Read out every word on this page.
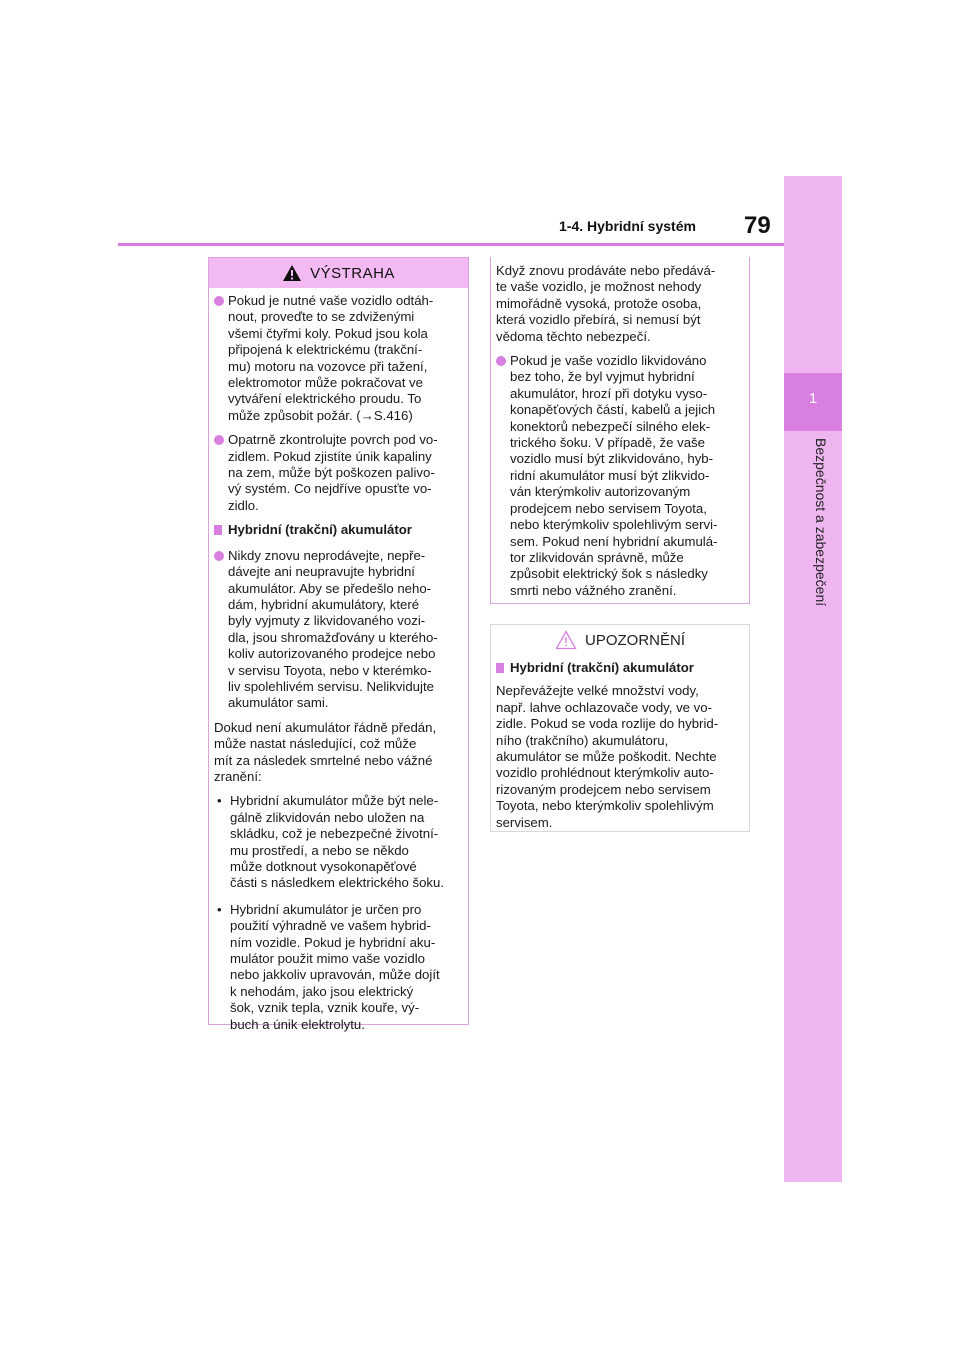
1-4. Hybridní systém 79
1
Bezpečnost a zabezpečení
VÝSTRAHA
Pokud je nutné vaše vozidlo odtáh-
nout, proveďte to se zdviženými
všemi čtyřmi koly. Pokud jsou kola
připojená k elektrickému (trakční-
mu) motoru na vozovce při tažení,
elektromotor může pokračovat ve
vytváření elektrického proudu. To
může způsobit požár. (→S.416)
Opatrně zkontrolujte povrch pod vo-
zidlem. Pokud zjistíte únik kapaliny
na zem, může být poškozen palivo-
vý systém. Co nejdříve opusťte vo-
zidlo.
Hybridní (trakční) akumulátor
Nikdy znovu neprodávejte, nepře-
dávejte ani neupravujte hybridní
akumulátor. Aby se předešlo neho-
dám, hybridní akumulátory, které
byly vyjmuty z likvidovaného vozi-
dla, jsou shromažďovány u kterého-
koliv autorizovaného prodejce nebo
v servisu Toyota, nebo v kterémko-
liv spolehlivém servisu. Nelikvidujte
akumulátor sami.
Dokud není akumulátor řádně předán,
může nastat následující, což může
mít za následek smrtelné nebo vážné
zranění:
• Hybridní akumulátor může být nele-
gálně zlikvidován nebo uložen na
skládku, což je nebezpečné životní-
mu prostředí, a nebo se někdo
může dotknout vysokonapěťové
části s následkem elektrického šoku.
• Hybridní akumulátor je určen pro
použití výhradně ve vašem hybrid-
ním vozidle. Pokud je hybridní aku-
mulátor použit mimo vaše vozidlo
nebo jakkoliv upravován, může dojít
k nehodám, jako jsou elektrický
šok, vznik tepla, vznik kouře, vý-
buch a únik elektrolytu.
Když znovu prodáváte nebo předává-
te vaše vozidlo, je možnost nehody
mimořádně vysoká, protože osoba,
která vozidlo přebírá, si nemusí být
vědoma těchto nebezpečí.
Pokud je vaše vozidlo likvidováno
bez toho, že byl vyjmut hybridní
akumulátor, hrozí při dotyku vyso-
konapěťových částí, kabelů a jejich
konektorů nebezpečí silného elek-
trického šoku. V případě, že vaše
vozidlo musí být zlikvidováno, hyb-
ridní akumulátor musí být zlikvido-
ván kterýmkoliv autorizovaným
prodejcem nebo servisem Toyota,
nebo kterýmkoliv spolehlivým servi-
sem. Pokud není hybridní akumulá-
tor zlikvidován správně, může
způsobit elektrický šok s následky
smrti nebo vážného zranění.
UPOZORNĚNÍ
Hybridní (trakční) akumulátor
Nepřevážejte velké množství vody,
např. lahve ochlazovače vody, ve vo-
zidle. Pokud se voda rozlije do hybrid-
ního (trakčního) akumulátoru,
akumulátor se může poškodit. Nechte
vozidlo prohlédnout kterýmkoliv auto-
rizovaným prodejcem nebo servisem
Toyota, nebo kterýmkoliv spolehlivým
servisem.
